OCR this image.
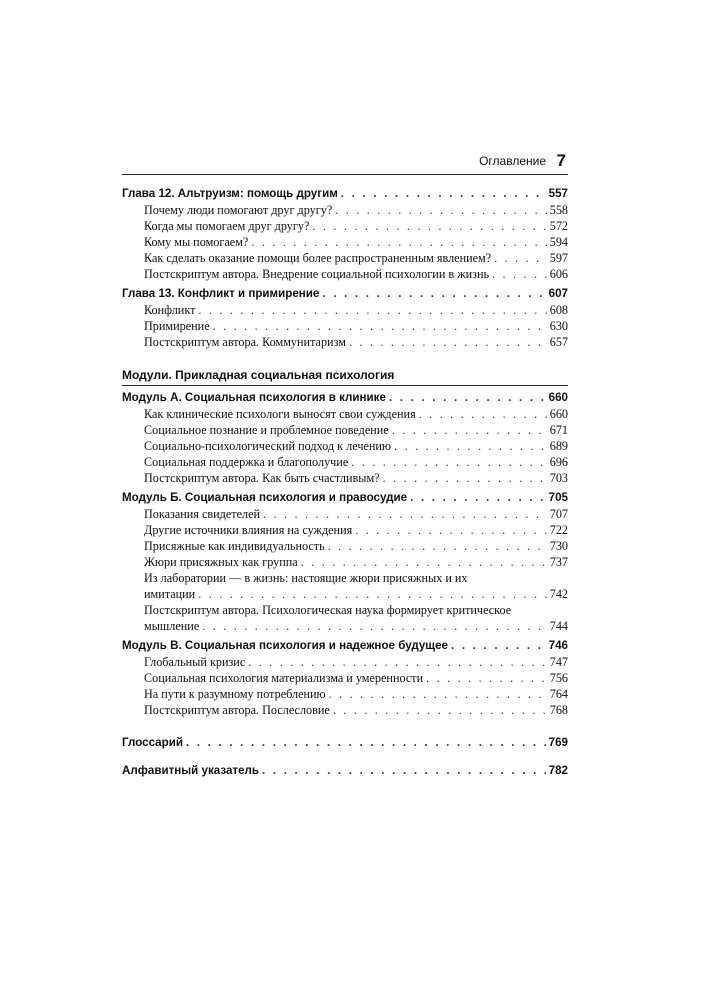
Оглавление 7
Глава 12. Альтруизм: помощь другим . . .	557
Почему люди помогают друг другу? . . .	558
Когда мы помогаем друг другу? . . .	572
Кому мы помогаем? . . .	594
Как сделать оказание помощи более распространенным явлением? . . .	597
Постскриптум автора. Внедрение социальной психологии в жизнь . . .	606
Глава 13. Конфликт и примирение . . .	607
Конфликт . . .	608
Примирение . . .	630
Постскриптум автора. Коммунитаризм . . .	657
Модули. Прикладная социальная психология
Модуль А. Социальная психология в клинике . . .	660
Как клинические психологи выносят свои суждения . . .	660
Социальное познание и проблемное поведение . . .	671
Социально-психологический подход к лечению . . .	689
Социальная поддержка и благополучие . . .	696
Постскриптум автора. Как быть счастливым? . . .	703
Модуль Б. Социальная психология и правосудие . . .	705
Показания свидетелей . . .	707
Другие источники влияния на суждения . . .	722
Присяжные как индивидуальность . . .	730
Жюри присяжных как группа . . .	737
Из лаборатории — в жизнь: настоящие жюри присяжных и их
имитации . . .	742
Постскриптум автора. Психологическая наука формирует критическое
мышление . . .	744
Модуль В. Социальная психология и надежное будущее . . .	746
Глобальный кризис . . .	747
Социальная психология материализма и умеренности . . .	756
На пути к разумному потреблению . . .	764
Постскриптум автора. Послесловие . . .	768
Глоссарий . . .	769
Алфавитный указатель . . .	782
